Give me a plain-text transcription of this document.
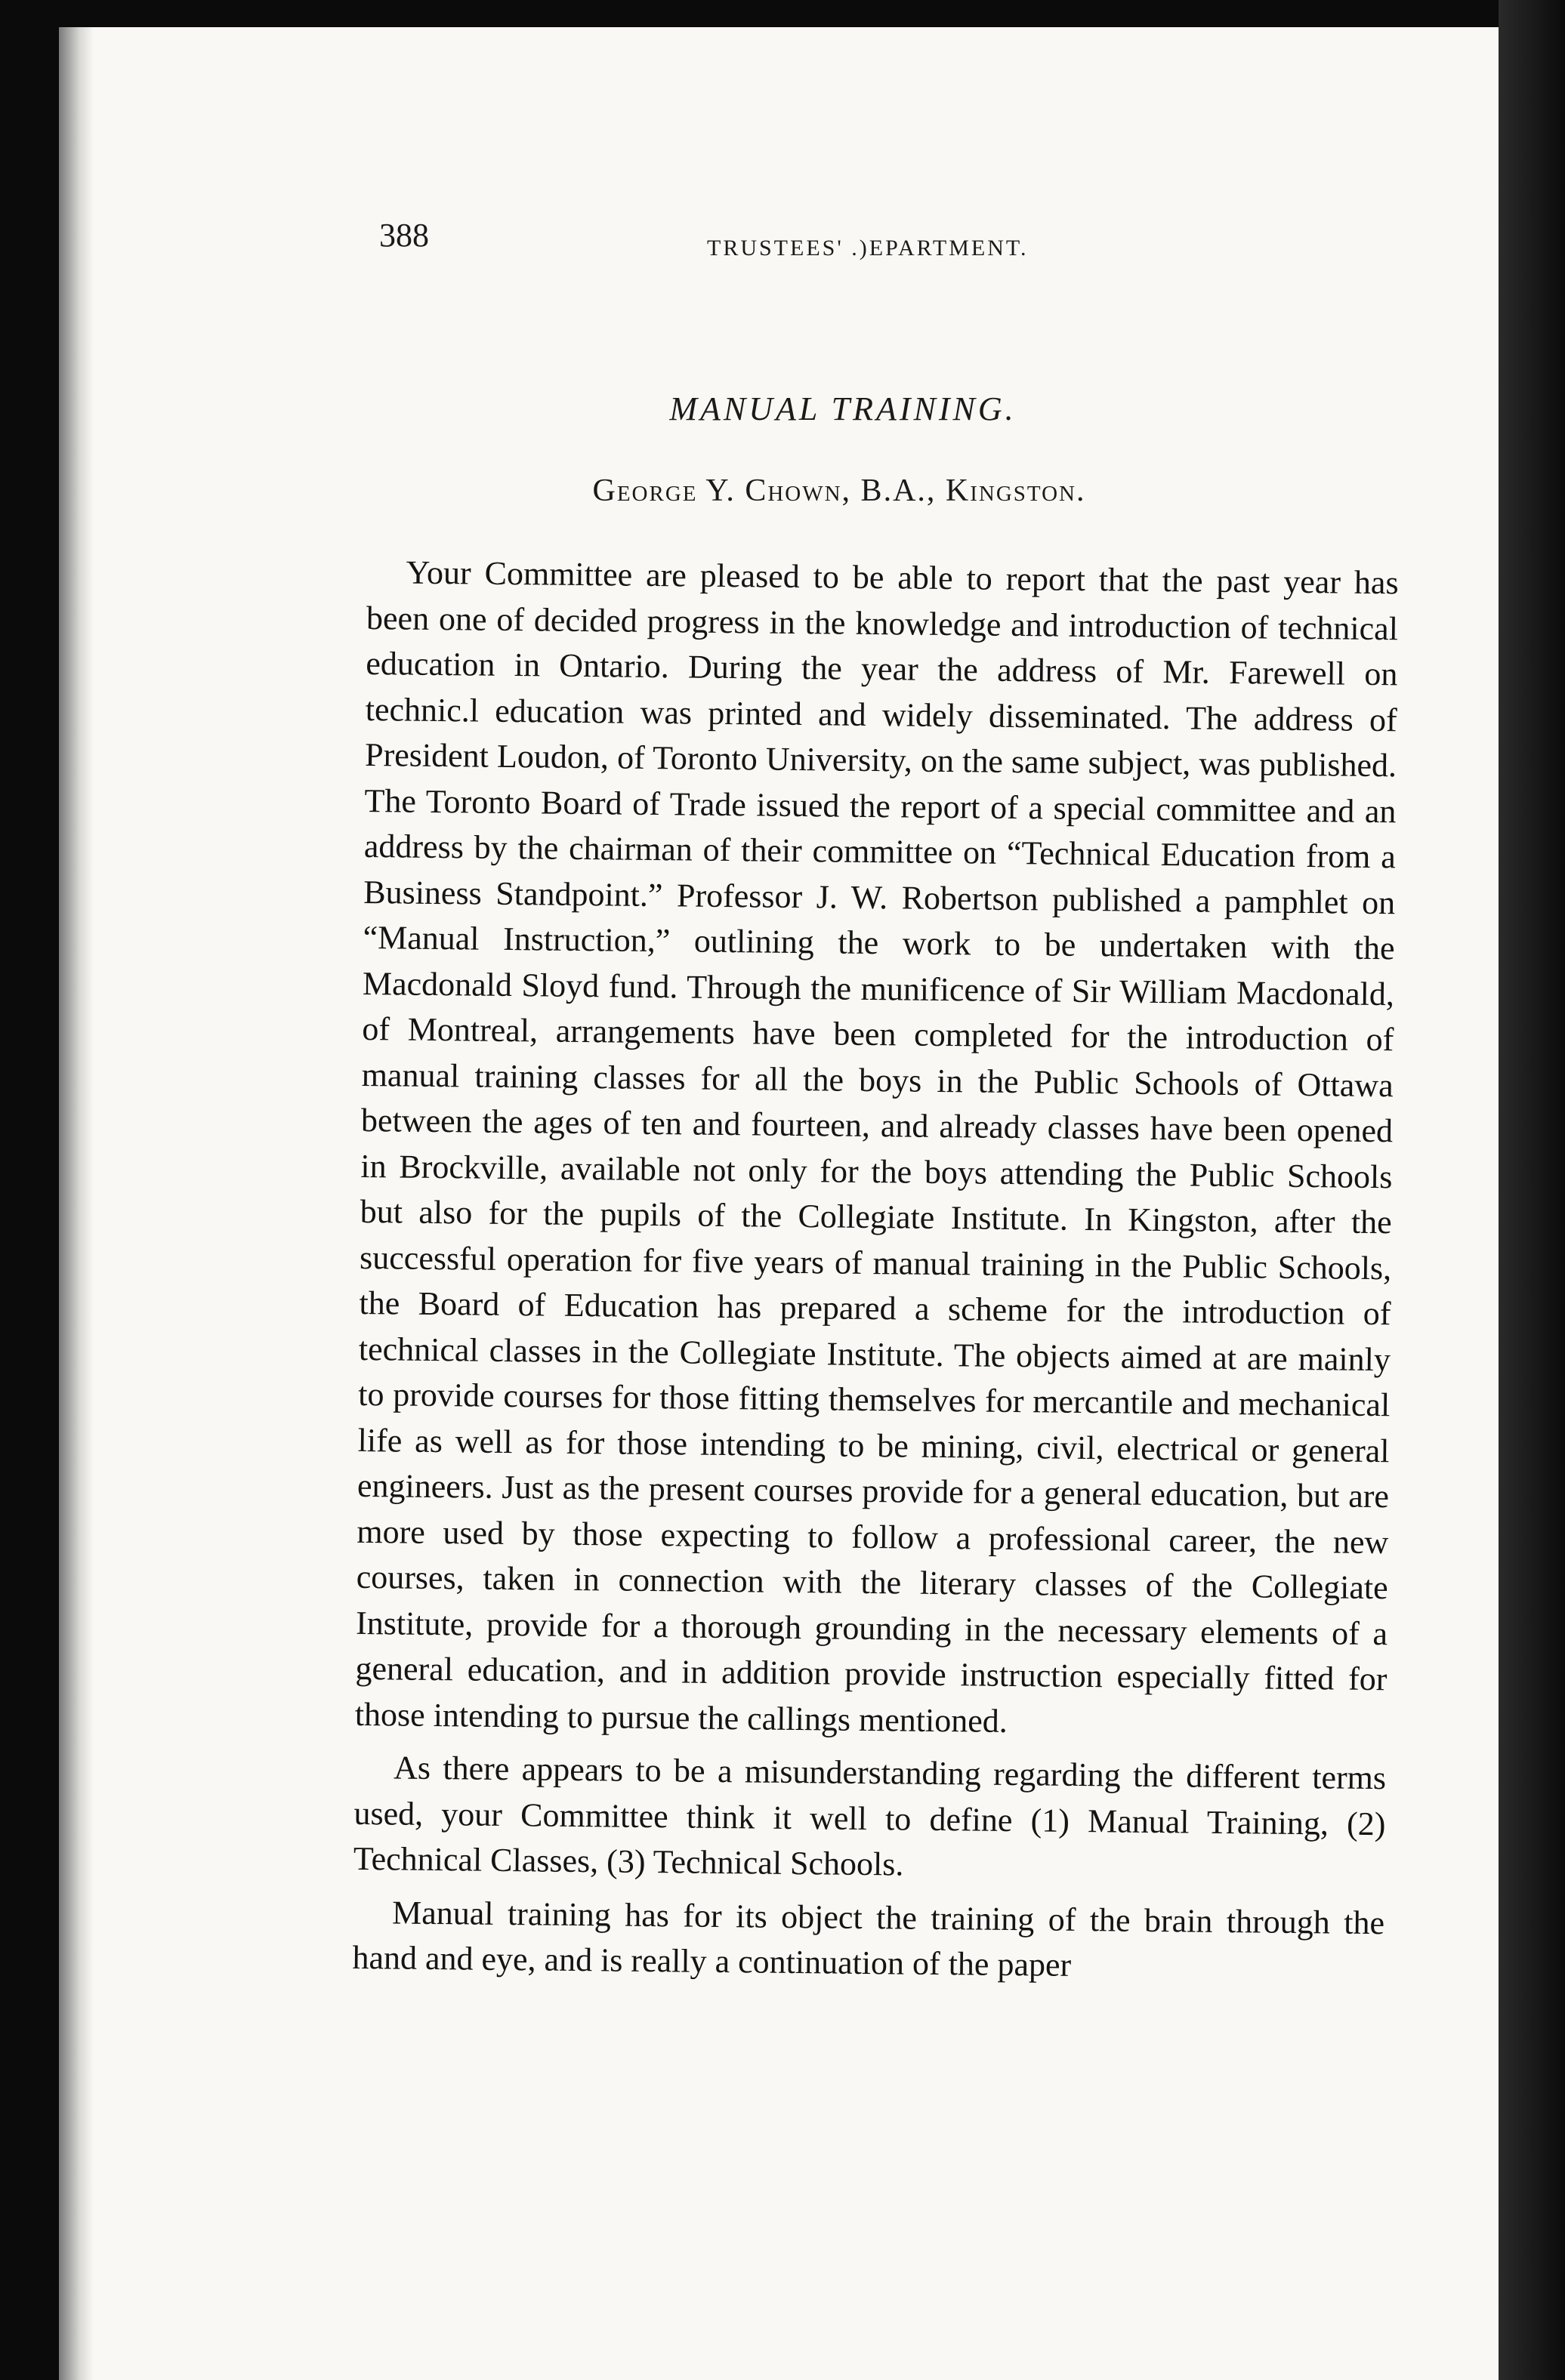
388	TRUSTEES' .)EPARTMENT.
MANUAL TRAINING.
George Y. Chown, B.A., Kingston.

Your Committee are pleased to be able to report that the past year has been one of decided progress in the knowledge and introduction of technical education in Ontario. During the year the address of Mr. Farewell on technic.l education was printed and widely disseminated. The address of President Loudon, of Toronto University, on the same subject, was published. The Toronto Board of Trade issued the report of a special committee and an address by the chairman of their committee on “Technical Education from a Business Standpoint.” Professor J. W. Robertson published a pamphlet on “Manual Instruction,” outlining the work to be undertaken with the Macdonald Sloyd fund. Through the munificence of Sir William Macdonald, of Montreal, arrangements have been completed for the introduction of manual training classes for all the boys in the Public Schools of Ottawa between the ages of ten and fourteen, and already classes have been opened in Brockville, available not only for the boys attending the Public Schools but also for the pupils of the Collegiate Institute. In Kingston, after the successful operation for five years of manual training in the Public Schools, the Board of Education has prepared a scheme for the introduction of technical classes in the Collegiate Institute. The objects aimed at are mainly to provide courses for those fitting themselves for mercantile and mechanical life as well as for those intending to be mining, civil, electrical or general engineers. Just as the present courses provide for a general education, but are more used by those expecting to follow a professional career, the new courses, taken in connection with the literary classes of the Collegiate Institute, provide for a thorough grounding in the necessary elements of a general education, and in addition provide instruction especially fitted for those intending to pursue the callings mentioned.

As there appears to be a misunderstanding regarding the different terms used, your Committee think it well to define (1) Manual Training, (2) Technical Classes, (3) Technical Schools.

Manual training has for its object the training of the brain through the hand and eye, and is really a continuation of the paper
